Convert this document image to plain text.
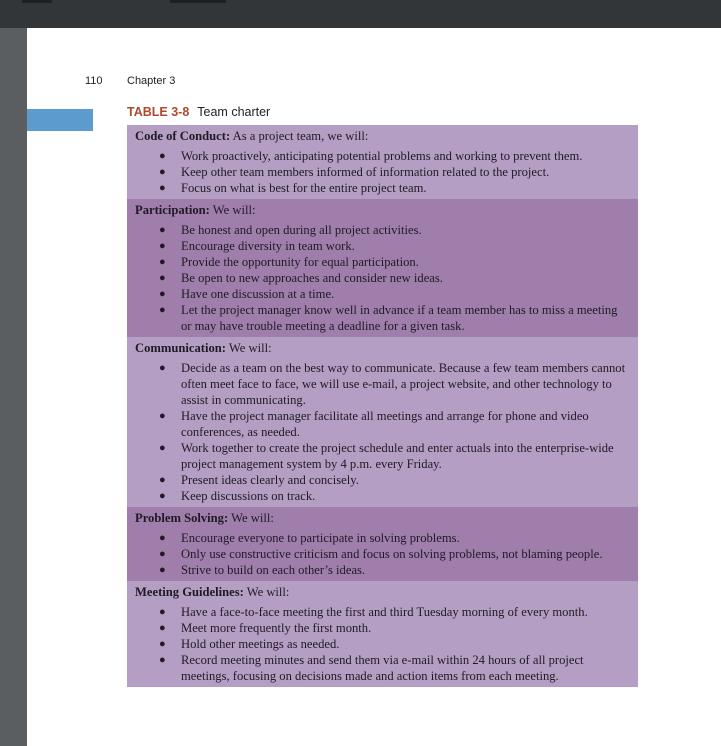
110 Chapter 3
TABLE 3-8 Team charter
Code of Conduct: As a project team, we will:
● Work proactively, anticipating potential problems and working to prevent them.
● Keep other team members informed of information related to the project.
● Focus on what is best for the entire project team.
Participation: We will:
● Be honest and open during all project activities.
● Encourage diversity in team work.
● Provide the opportunity for equal participation.
● Be open to new approaches and consider new ideas.
● Have one discussion at a time.
● Let the project manager know well in advance if a team member has to miss a meeting or may have trouble meeting a deadline for a given task.
Communication: We will:
● Decide as a team on the best way to communicate. Because a few team members cannot often meet face to face, we will use e-mail, a project website, and other technology to assist in communicating.
● Have the project manager facilitate all meetings and arrange for phone and video conferences, as needed.
● Work together to create the project schedule and enter actuals into the enterprise-wide project management system by 4 p.m. every Friday.
● Present ideas clearly and concisely.
● Keep discussions on track.
Problem Solving: We will:
● Encourage everyone to participate in solving problems.
● Only use constructive criticism and focus on solving problems, not blaming people.
● Strive to build on each other’s ideas.
Meeting Guidelines: We will:
● Have a face-to-face meeting the first and third Tuesday morning of every month.
● Meet more frequently the first month.
● Hold other meetings as needed.
● Record meeting minutes and send them via e-mail within 24 hours of all project meetings, focusing on decisions made and action items from each meeting.
